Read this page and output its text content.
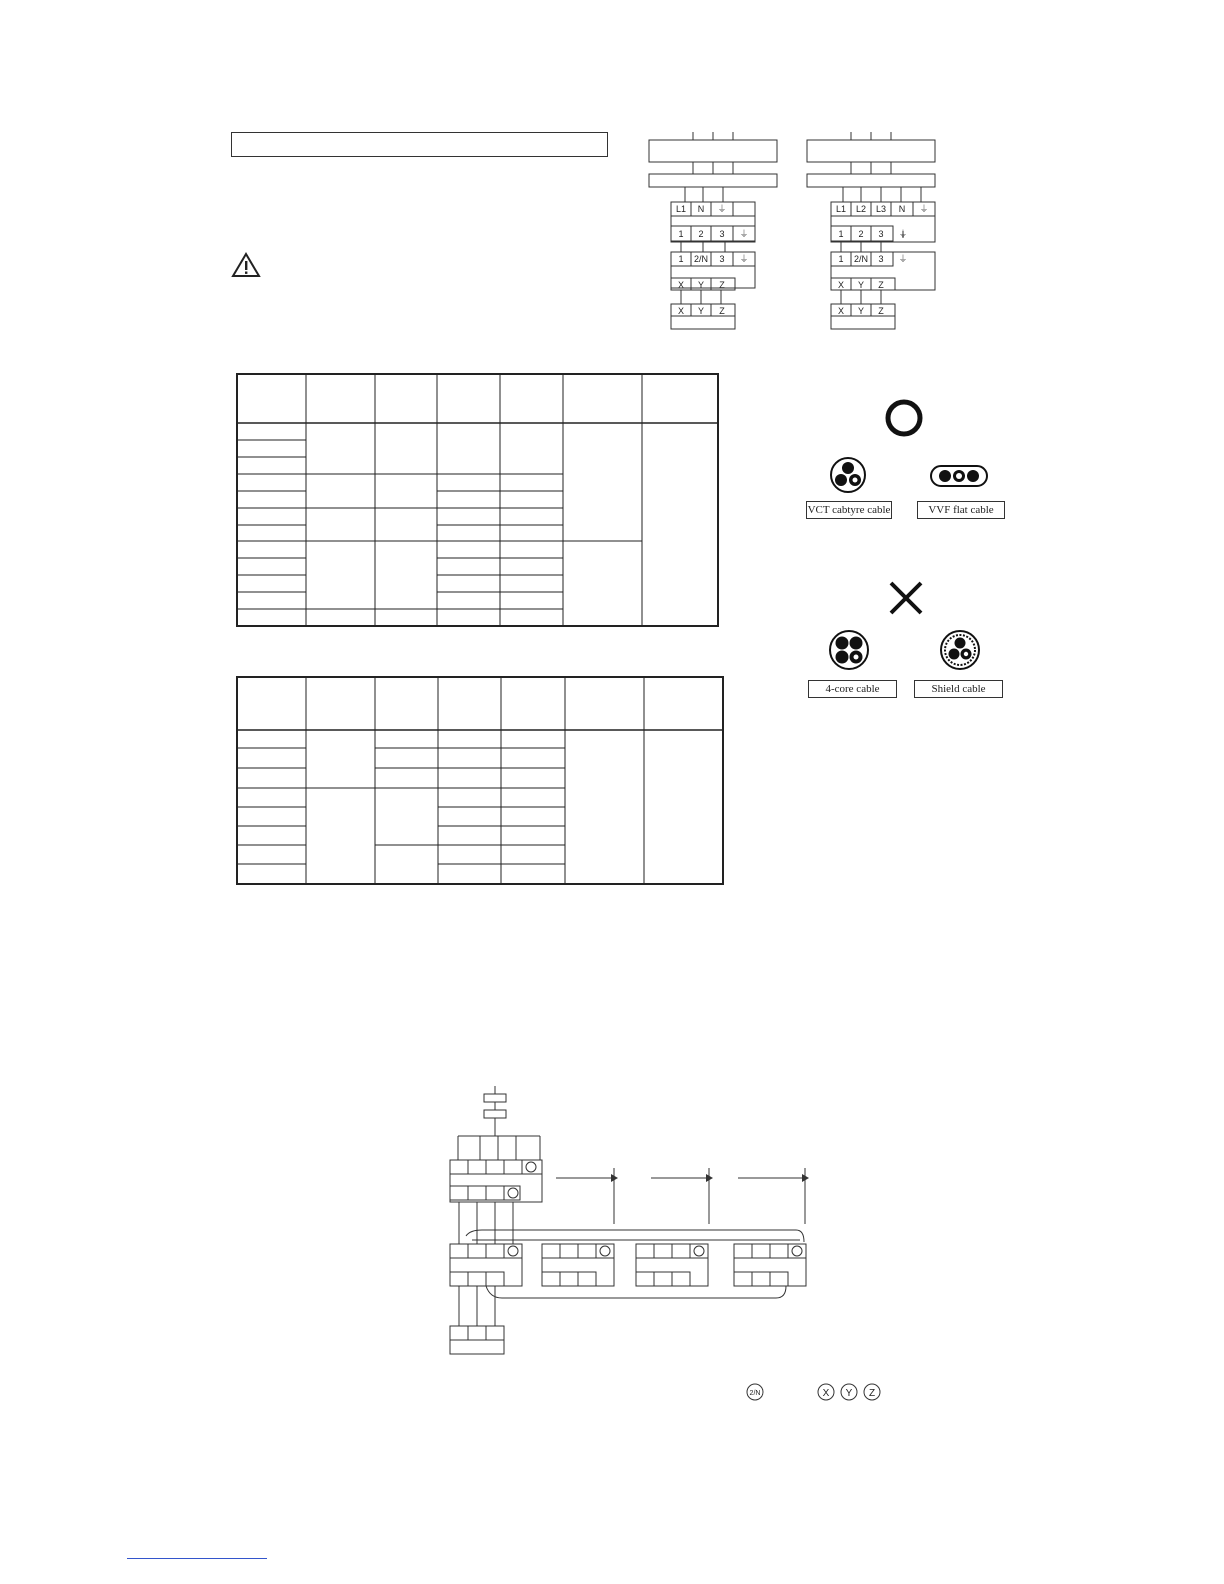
L1 N ⏚
1 2 3 ⏚
1 2/N 3 ⏚
X Y Z
X Y Z
L1 L2 L3 N ⏚
1 2 3 ⏚
1 2/N 3 ⏚
X Y Z
X Y Z
VCT cabtyre cable	VVF flat cable
4-core cable	Shield cable
2/N	X Y Z
